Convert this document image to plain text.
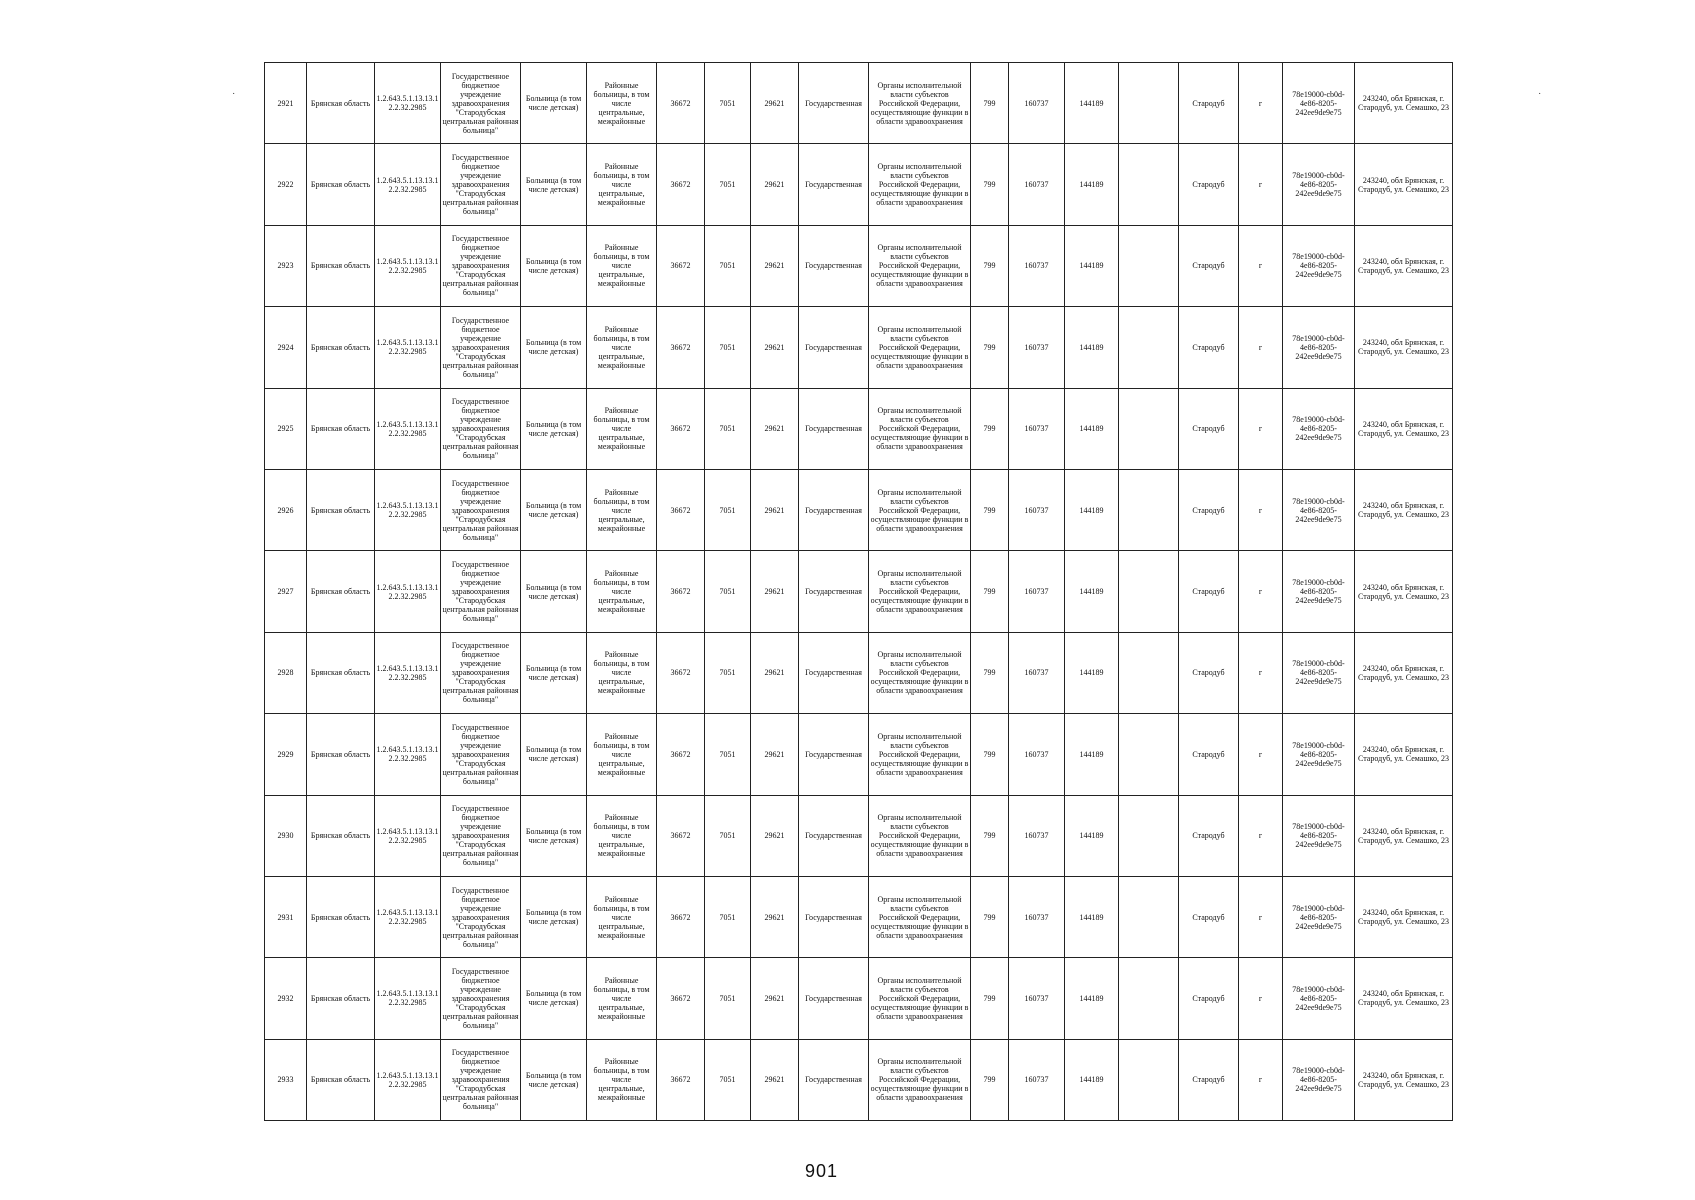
˙	˙
2921	Брянская область	1.2.643.5.1.13.13.12.2.32.2985	Государственное бюджетное учреждение здравоохранения "Стародубская центральная районная больница"	Больница (в том числе детская)	Районные больницы, в том числе центральные, межрайонные	36672	7051	29621	Государственная	Органы исполнительной власти субъектов Российской Федерации, осуществляющие функции в области здравоохранения	799	160737	144189		Стародуб	г	78e19000-cb0d-4e86-8205-242ee9de9e75	243240, обл Брянская, г. Стародуб, ул. Семашко, 23
2922	Брянская область	1.2.643.5.1.13.13.12.2.32.2985	Государственное бюджетное учреждение здравоохранения "Стародубская центральная районная больница"	Больница (в том числе детская)	Районные больницы, в том числе центральные, межрайонные	36672	7051	29621	Государственная	Органы исполнительной власти субъектов Российской Федерации, осуществляющие функции в области здравоохранения	799	160737	144189		Стародуб	г	78e19000-cb0d-4e86-8205-242ee9de9e75	243240, обл Брянская, г. Стародуб, ул. Семашко, 23
2923	Брянская область	1.2.643.5.1.13.13.12.2.32.2985	Государственное бюджетное учреждение здравоохранения "Стародубская центральная районная больница"	Больница (в том числе детская)	Районные больницы, в том числе центральные, межрайонные	36672	7051	29621	Государственная	Органы исполнительной власти субъектов Российской Федерации, осуществляющие функции в области здравоохранения	799	160737	144189		Стародуб	г	78e19000-cb0d-4e86-8205-242ee9de9e75	243240, обл Брянская, г. Стародуб, ул. Семашко, 23
2924	Брянская область	1.2.643.5.1.13.13.12.2.32.2985	Государственное бюджетное учреждение здравоохранения "Стародубская центральная районная больница"	Больница (в том числе детская)	Районные больницы, в том числе центральные, межрайонные	36672	7051	29621	Государственная	Органы исполнительной власти субъектов Российской Федерации, осуществляющие функции в области здравоохранения	799	160737	144189		Стародуб	г	78e19000-cb0d-4e86-8205-242ee9de9e75	243240, обл Брянская, г. Стародуб, ул. Семашко, 23
2925	Брянская область	1.2.643.5.1.13.13.12.2.32.2985	Государственное бюджетное учреждение здравоохранения "Стародубская центральная районная больница"	Больница (в том числе детская)	Районные больницы, в том числе центральные, межрайонные	36672	7051	29621	Государственная	Органы исполнительной власти субъектов Российской Федерации, осуществляющие функции в области здравоохранения	799	160737	144189		Стародуб	г	78e19000-cb0d-4e86-8205-242ee9de9e75	243240, обл Брянская, г. Стародуб, ул. Семашко, 23
2926	Брянская область	1.2.643.5.1.13.13.12.2.32.2985	Государственное бюджетное учреждение здравоохранения "Стародубская центральная районная больница"	Больница (в том числе детская)	Районные больницы, в том числе центральные, межрайонные	36672	7051	29621	Государственная	Органы исполнительной власти субъектов Российской Федерации, осуществляющие функции в области здравоохранения	799	160737	144189		Стародуб	г	78e19000-cb0d-4e86-8205-242ee9de9e75	243240, обл Брянская, г. Стародуб, ул. Семашко, 23
2927	Брянская область	1.2.643.5.1.13.13.12.2.32.2985	Государственное бюджетное учреждение здравоохранения "Стародубская центральная районная больница"	Больница (в том числе детская)	Районные больницы, в том числе центральные, межрайонные	36672	7051	29621	Государственная	Органы исполнительной власти субъектов Российской Федерации, осуществляющие функции в области здравоохранения	799	160737	144189		Стародуб	г	78e19000-cb0d-4e86-8205-242ee9de9e75	243240, обл Брянская, г. Стародуб, ул. Семашко, 23
2928	Брянская область	1.2.643.5.1.13.13.12.2.32.2985	Государственное бюджетное учреждение здравоохранения "Стародубская центральная районная больница"	Больница (в том числе детская)	Районные больницы, в том числе центральные, межрайонные	36672	7051	29621	Государственная	Органы исполнительной власти субъектов Российской Федерации, осуществляющие функции в области здравоохранения	799	160737	144189		Стародуб	г	78e19000-cb0d-4e86-8205-242ee9de9e75	243240, обл Брянская, г. Стародуб, ул. Семашко, 23
2929	Брянская область	1.2.643.5.1.13.13.12.2.32.2985	Государственное бюджетное учреждение здравоохранения "Стародубская центральная районная больница"	Больница (в том числе детская)	Районные больницы, в том числе центральные, межрайонные	36672	7051	29621	Государственная	Органы исполнительной власти субъектов Российской Федерации, осуществляющие функции в области здравоохранения	799	160737	144189		Стародуб	г	78e19000-cb0d-4e86-8205-242ee9de9e75	243240, обл Брянская, г. Стародуб, ул. Семашко, 23
2930	Брянская область	1.2.643.5.1.13.13.12.2.32.2985	Государственное бюджетное учреждение здравоохранения "Стародубская центральная районная больница"	Больница (в том числе детская)	Районные больницы, в том числе центральные, межрайонные	36672	7051	29621	Государственная	Органы исполнительной власти субъектов Российской Федерации, осуществляющие функции в области здравоохранения	799	160737	144189		Стародуб	г	78e19000-cb0d-4e86-8205-242ee9de9e75	243240, обл Брянская, г. Стародуб, ул. Семашко, 23
2931	Брянская область	1.2.643.5.1.13.13.12.2.32.2985	Государственное бюджетное учреждение здравоохранения "Стародубская центральная районная больница"	Больница (в том числе детская)	Районные больницы, в том числе центральные, межрайонные	36672	7051	29621	Государственная	Органы исполнительной власти субъектов Российской Федерации, осуществляющие функции в области здравоохранения	799	160737	144189		Стародуб	г	78e19000-cb0d-4e86-8205-242ee9de9e75	243240, обл Брянская, г. Стародуб, ул. Семашко, 23
2932	Брянская область	1.2.643.5.1.13.13.12.2.32.2985	Государственное бюджетное учреждение здравоохранения "Стародубская центральная районная больница"	Больница (в том числе детская)	Районные больницы, в том числе центральные, межрайонные	36672	7051	29621	Государственная	Органы исполнительной власти субъектов Российской Федерации, осуществляющие функции в области здравоохранения	799	160737	144189		Стародуб	г	78e19000-cb0d-4e86-8205-242ee9de9e75	243240, обл Брянская, г. Стародуб, ул. Семашко, 23
2933	Брянская область	1.2.643.5.1.13.13.12.2.32.2985	Государственное бюджетное учреждение здравоохранения "Стародубская центральная районная больница"	Больница (в том числе детская)	Районные больницы, в том числе центральные, межрайонные	36672	7051	29621	Государственная	Органы исполнительной власти субъектов Российской Федерации, осуществляющие функции в области здравоохранения	799	160737	144189		Стародуб	г	78e19000-cb0d-4e86-8205-242ee9de9e75	243240, обл Брянская, г. Стародуб, ул. Семашко, 23
901
